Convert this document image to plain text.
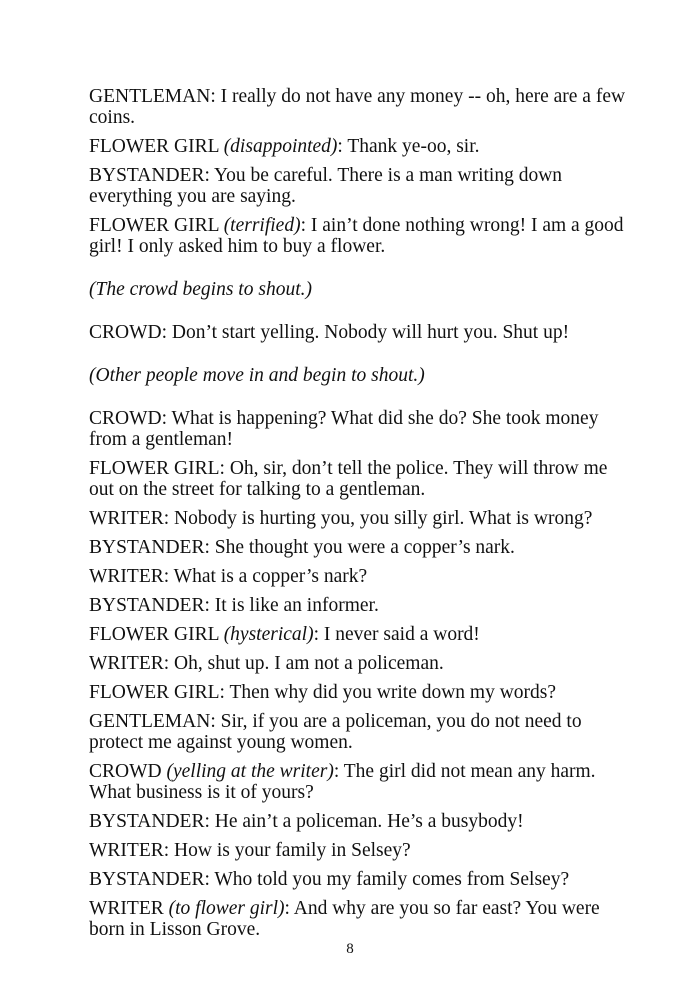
GENTLEMAN: I really do not have any money -- oh, here are a few coins.

FLOWER GIRL (disappointed): Thank ye-oo, sir.

BYSTANDER: You be careful. There is a man writing down everything you are saying.

FLOWER GIRL (terrified): I ain’t done nothing wrong! I am a good girl! I only asked him to buy a flower.

(The crowd begins to shout.)

CROWD: Don’t start yelling. Nobody will hurt you. Shut up!

(Other people move in and begin to shout.)

CROWD: What is happening? What did she do? She took money from a gentleman!

FLOWER GIRL: Oh, sir, don’t tell the police. They will throw me out on the street for talking to a gentleman.

WRITER: Nobody is hurting you, you silly girl. What is wrong?

BYSTANDER: She thought you were a copper’s nark.

WRITER: What is a copper’s nark?

BYSTANDER: It is like an informer.

FLOWER GIRL (hysterical): I never said a word!

WRITER: Oh, shut up. I am not a policeman.

FLOWER GIRL: Then why did you write down my words?

GENTLEMAN: Sir, if you are a policeman, you do not need to protect me against young women.

CROWD (yelling at the writer): The girl did not mean any harm. What business is it of yours?

BYSTANDER: He ain’t a policeman. He’s a busybody!

WRITER: How is your family in Selsey?

BYSTANDER: Who told you my family comes from Selsey?

WRITER (to flower girl): And why are you so far east? You were born in Lisson Grove.

8
